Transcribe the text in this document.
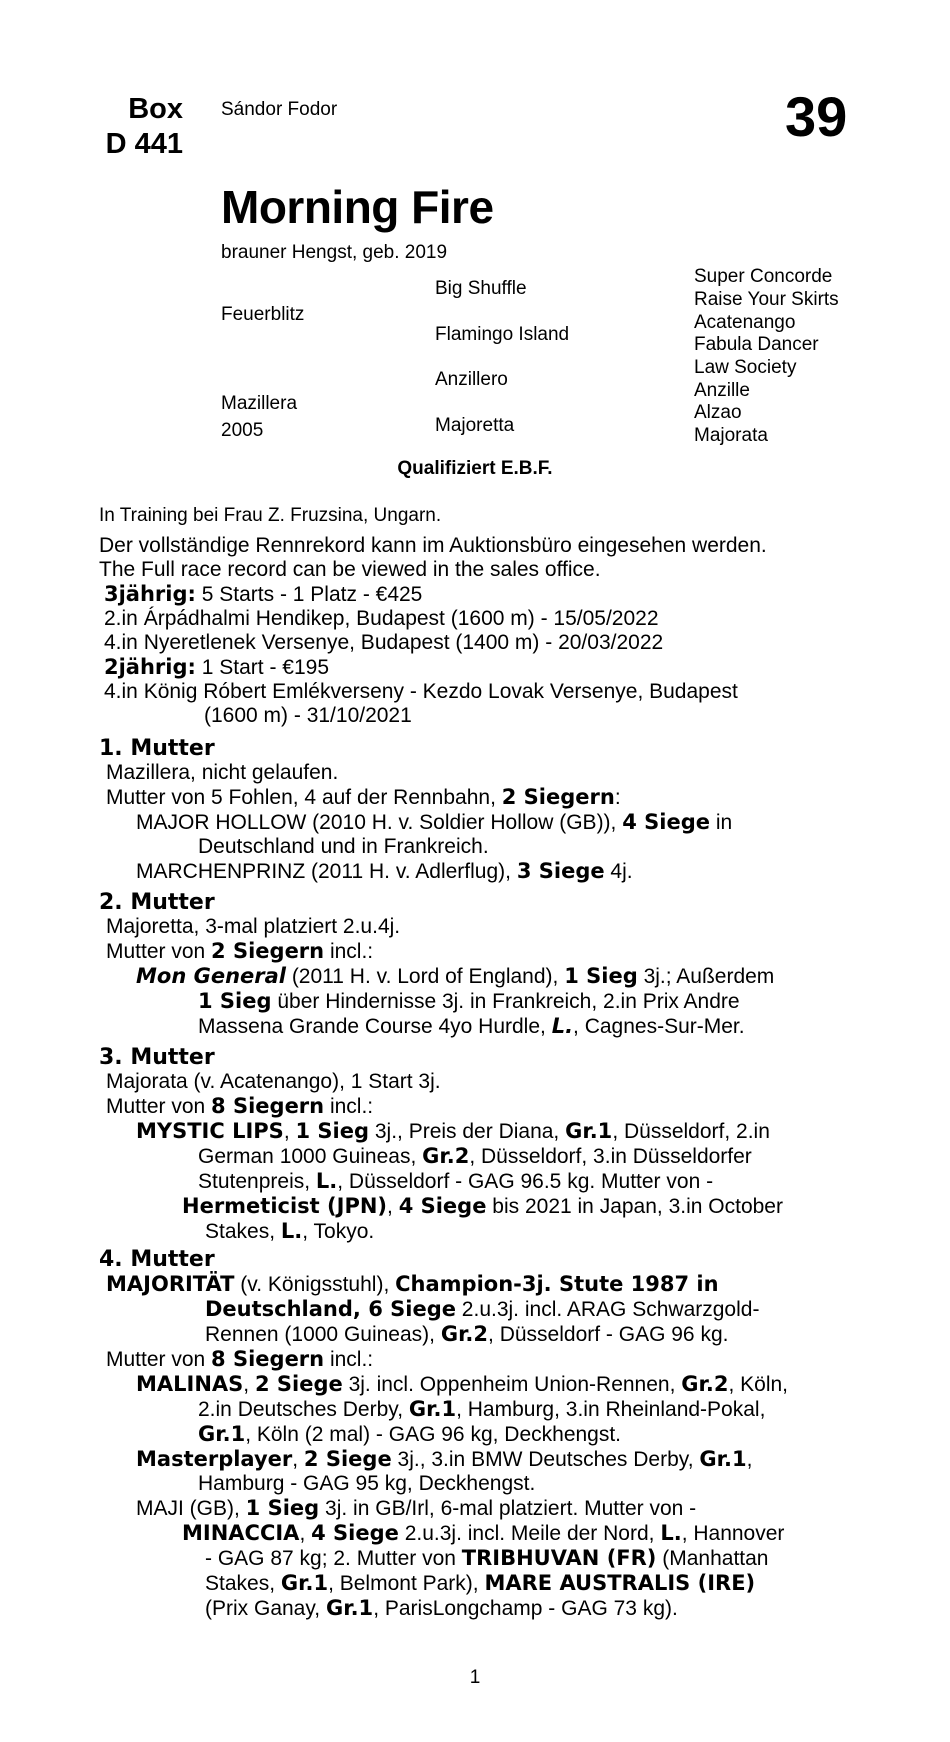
Box
D 441
Sándor Fodor	39
Morning Fire
brauner Hengst, geb. 2019
Feuerblitz
Mazillera
2005
Big Shuffle
Flamingo Island
Anzillero
Majoretta
Super Concorde
Raise Your Skirts
Acatenango
Fabula Dancer
Law Society
Anzille
Alzao
Majorata
Qualifiziert E.B.F.
In Training bei Frau Z. Fruzsina, Ungarn.
Der vollständige Rennrekord kann im Auktionsbüro eingesehen werden.
The Full race record can be viewed in the sales office.
3jährig: 5 Starts - 1 Platz - €425
2.in Árpádhalmi Hendikep, Budapest (1600 m) - 15/05/2022
4.in Nyeretlenek Versenye, Budapest (1400 m) - 20/03/2022
2jährig: 1 Start - €195
4.in König Róbert Emlékverseny - Kezdo Lovak Versenye, Budapest
(1600 m) - 31/10/2021
1. Mutter
Mazillera, nicht gelaufen.
Mutter von 5 Fohlen, 4 auf der Rennbahn, 2 Siegern:
MAJOR HOLLOW (2010 H. v. Soldier Hollow (GB)), 4 Siege in
Deutschland und in Frankreich.
MARCHENPRINZ (2011 H. v. Adlerflug), 3 Siege 4j.
2. Mutter
Majoretta, 3-mal platziert 2.u.4j.
Mutter von 2 Siegern incl.:
Mon General (2011 H. v. Lord of England), 1 Sieg 3j.; Außerdem
1 Sieg über Hindernisse 3j. in Frankreich, 2.in Prix Andre
Massena Grande Course 4yo Hurdle, L., Cagnes-Sur-Mer.
3. Mutter
Majorata (v. Acatenango), 1 Start 3j.
Mutter von 8 Siegern incl.:
MYSTIC LIPS, 1 Sieg 3j., Preis der Diana, Gr.1, Düsseldorf, 2.in
German 1000 Guineas, Gr.2, Düsseldorf, 3.in Düsseldorfer
Stutenpreis, L., Düsseldorf - GAG 96.5 kg. Mutter von -
Hermeticist (JPN), 4 Siege bis 2021 in Japan, 3.in October
Stakes, L., Tokyo.
4. Mutter
MAJORITÄT (v. Königsstuhl), Champion-3j. Stute 1987 in
Deutschland, 6 Siege 2.u.3j. incl. ARAG Schwarzgold-
Rennen (1000 Guineas), Gr.2, Düsseldorf - GAG 96 kg.
Mutter von 8 Siegern incl.:
MALINAS, 2 Siege 3j. incl. Oppenheim Union-Rennen, Gr.2, Köln,
2.in Deutsches Derby, Gr.1, Hamburg, 3.in Rheinland-Pokal,
Gr.1, Köln (2 mal) - GAG 96 kg, Deckhengst.
Masterplayer, 2 Siege 3j., 3.in BMW Deutsches Derby, Gr.1,
Hamburg - GAG 95 kg, Deckhengst.
MAJI (GB), 1 Sieg 3j. in GB/Irl, 6-mal platziert. Mutter von -
MINACCIA, 4 Siege 2.u.3j. incl. Meile der Nord, L., Hannover
- GAG 87 kg; 2. Mutter von TRIBHUVAN (FR) (Manhattan
Stakes, Gr.1, Belmont Park), MARE AUSTRALIS (IRE)
(Prix Ganay, Gr.1, ParisLongchamp - GAG 73 kg).
1
